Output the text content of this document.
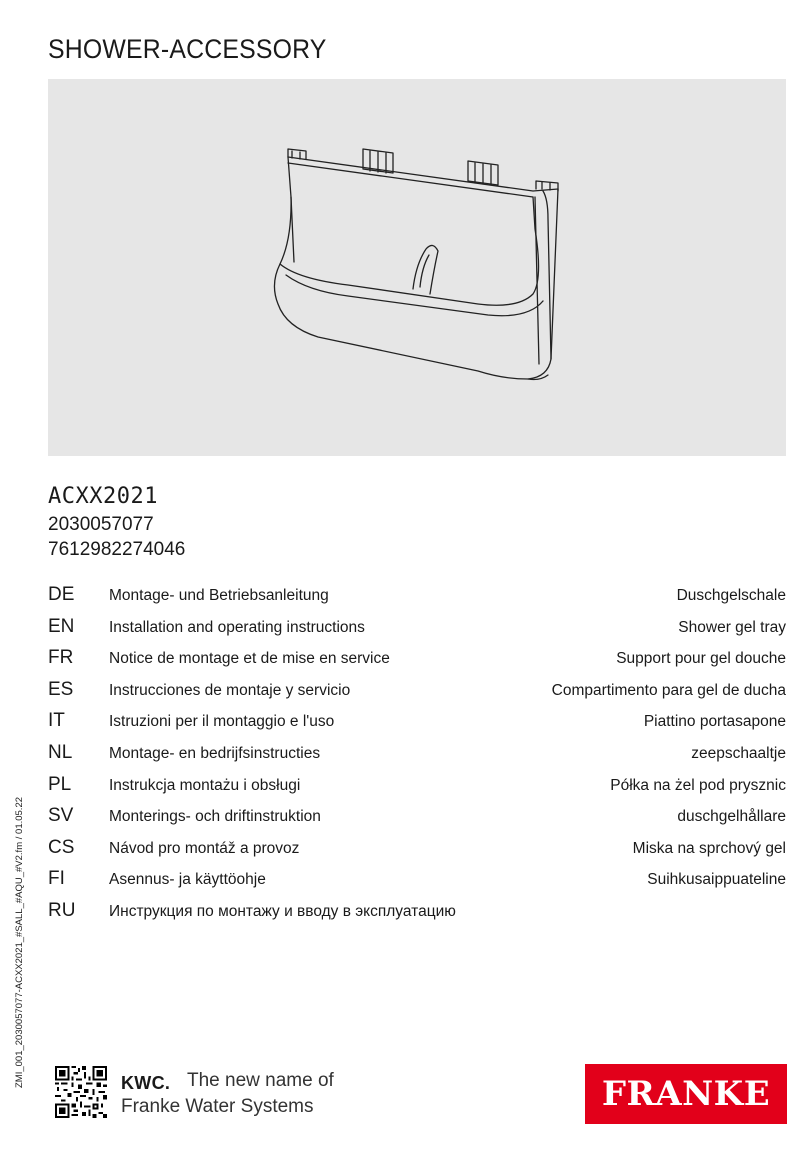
SHOWER-ACCESSORY
ACXX2021
2030057077
7612982274046
DE Montage- und Betriebsanleitung	Duschgelschale
EN Installation and operating instructions	Shower gel tray
FR Notice de montage et de mise en service	Support pour gel douche
ES Instrucciones de montaje y servicio	Compartimento para gel de ducha
IT	Istruzioni per il montaggio e l'uso	Piattino portasapone
NL Montage- en bedrijfsinstructies	zeepschaaltje
PL Instrukcja montażu i obsługi	Półka na żel pod prysznic
SV Monterings- och driftinstruktion	duschgelhållare
CS Návod pro montáž a provoz	Miska na sprchový gel
FI	Asennus- ja käyttöohje	Suihkusaippuateline
RU Инструкция по монтажу и вводу в эксплуатацию
ZMI_001_2030057077-ACXX2021_#SALL_#AQU_#V2.fm / 01.05.22	KWC. The new name of
Franke Water Systems	FRANKE
